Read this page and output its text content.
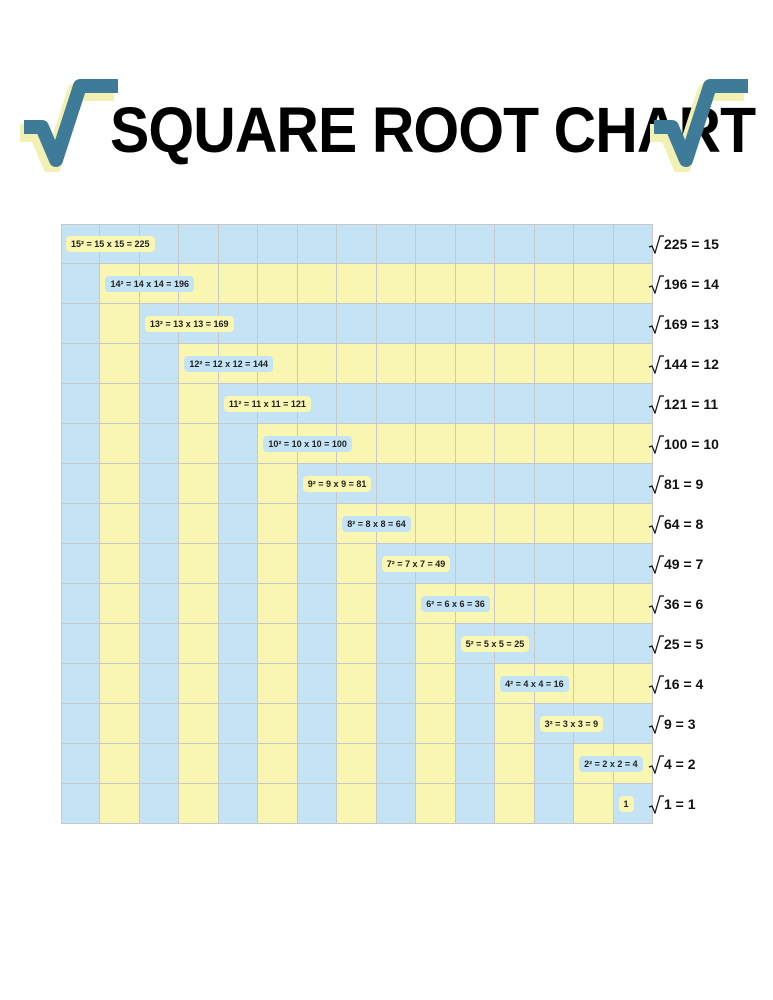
SQUARE ROOT CHART
15² = 15 x 15 = 225
14² = 14 x 14 = 196
13² = 13 x 13 = 169
12² = 12 x 12 = 144
11² = 11 x 11 = 121
10² = 10 x 10 = 100
9² = 9 x 9 = 81
8² = 8 x 8 = 64
7² = 7 x 7 = 49
6² = 6 x 6 = 36
5² = 5 x 5 = 25
4² = 4 x 4 = 16
3² = 3 x 3 = 9
2² = 2 x 2 = 4
1
225 = 15
196 = 14
169 = 13
144 = 12
121 = 11
100 = 10
81 = 9
64 = 8
49 = 7
36 = 6
25 = 5
16 = 4
9 = 3
4 = 2
1 = 1
